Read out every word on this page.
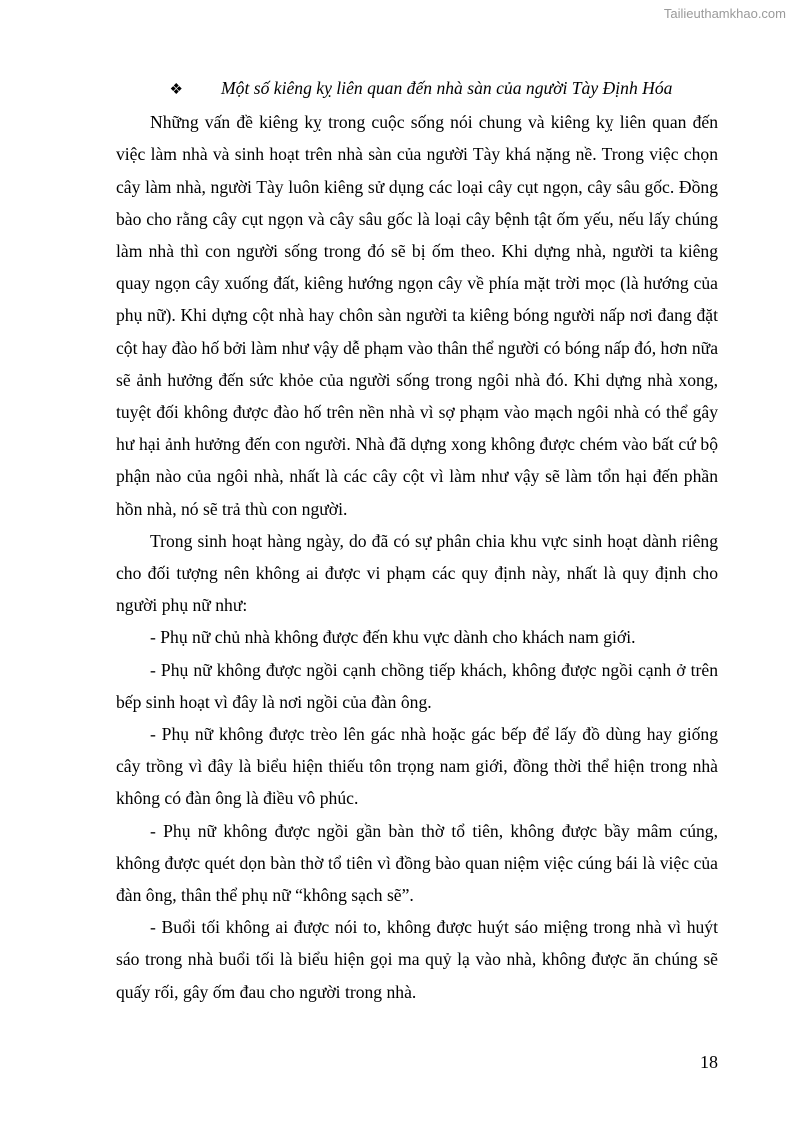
Tailieuthamkhao.com

❖ Một số kiêng kỵ liên quan đến nhà sàn của người Tày Định Hóa

Những vấn đề kiêng kỵ trong cuộc sống nói chung và kiêng kỵ liên quan đến việc làm nhà và sinh hoạt trên nhà sàn của người Tày khá nặng nề. Trong việc chọn cây làm nhà, người Tày luôn kiêng sử dụng các loại cây cụt ngọn, cây sâu gốc. Đồng bào cho rằng cây cụt ngọn và cây sâu gốc là loại cây bệnh tật ốm yếu, nếu lấy chúng làm nhà thì con người sống trong đó sẽ bị ốm theo. Khi dựng nhà, người ta kiêng quay ngọn cây xuống đất, kiêng hướng ngọn cây về phía mặt trời mọc (là hướng của phụ nữ). Khi dựng cột nhà hay chôn sàn người ta kiêng bóng người nấp nơi đang đặt cột hay đào hố bởi làm như vậy dễ phạm vào thân thể người có bóng nấp đó, hơn nữa sẽ ảnh hưởng đến sức khỏe của người sống trong ngôi nhà đó. Khi dựng nhà xong, tuyệt đối không được đào hố trên nền nhà vì sợ phạm vào mạch ngôi nhà có thể gây hư hại ảnh hưởng đến con người. Nhà đã dựng xong không được chém vào bất cứ bộ phận nào của ngôi nhà, nhất là các cây cột vì làm như vậy sẽ làm tổn hại đến phần hồn nhà, nó sẽ trả thù con người.

Trong sinh hoạt hàng ngày, do đã có sự phân chia khu vực sinh hoạt dành riêng cho đối tượng nên không ai được vi phạm các quy định này, nhất là quy định cho người phụ nữ như:

- Phụ nữ chủ nhà không được đến khu vực dành cho khách nam giới.

- Phụ nữ không được ngồi cạnh chồng tiếp khách, không được ngồi cạnh ở trên bếp sinh hoạt vì đây là nơi ngồi của đàn ông.

- Phụ nữ không được trèo lên gác nhà hoặc gác bếp để lấy đồ dùng hay giống cây trồng vì đây là biểu hiện thiếu tôn trọng nam giới, đồng thời thể hiện trong nhà không có đàn ông là điều vô phúc.

- Phụ nữ không được ngồi gần bàn thờ tổ tiên, không được bầy mâm cúng, không được quét dọn bàn thờ tổ tiên vì đồng bào quan niệm việc cúng bái là việc của đàn ông, thân thể phụ nữ “không sạch sẽ”.

- Buổi tối không ai được nói to, không được huýt sáo miệng trong nhà vì huýt sáo trong nhà buổi tối là biểu hiện gọi ma quỷ lạ vào nhà, không được ăn chúng sẽ quấy rối, gây ốm đau cho người trong nhà.

18
